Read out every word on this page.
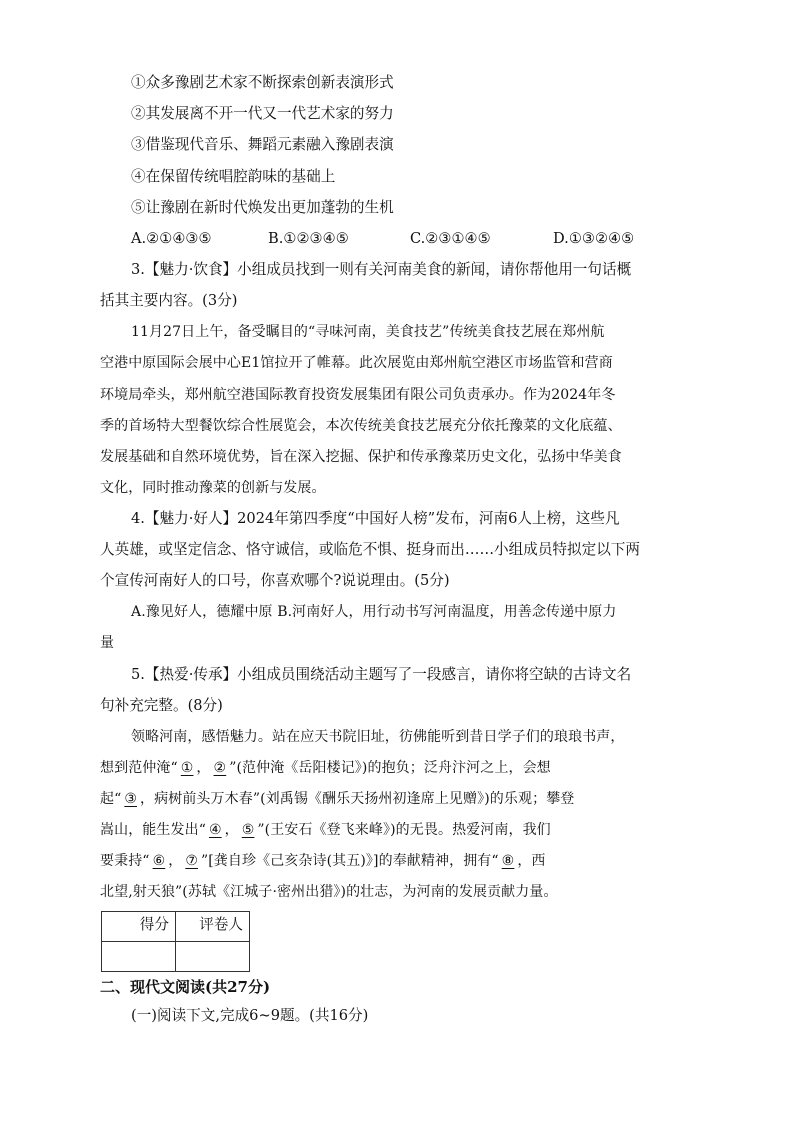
①众多豫剧艺术家不断探索创新表演形式
②其发展离不开一代又一代艺术家的努力
③借鉴现代音乐、舞蹈元素融入豫剧表演
④在保留传统唱腔韵味的基础上
⑤让豫剧在新时代焕发出更加蓬勃的生机
A.②①④③⑤	B.①②③④⑤	C.②③①④⑤	D.①③②④⑤
3.【魅力·饮食】小组成员找到一则有关河南美食的新闻，请你帮他用一句话概
括其主要内容。(3分)
11月27日上午，备受瞩目的“寻味河南，美食技艺”传统美食技艺展在郑州航
空港中原国际会展中心E1馆拉开了帷幕。此次展览由郑州航空港区市场监管和营商
环境局牵头，郑州航空港国际教育投资发展集团有限公司负责承办。作为2024年冬
季的首场特大型餐饮综合性展览会，本次传统美食技艺展充分依托豫菜的文化底蕴、
发展基础和自然环境优势，旨在深入挖掘、保护和传承豫菜历史文化，弘扬中华美食
文化，同时推动豫菜的创新与发展。
4.【魅力·好人】2024年第四季度“中国好人榜”发布，河南6人上榜，这些凡
人英雄，或坚定信念、恪守诚信，或临危不惧、挺身而出……小组成员特拟定以下两
个宣传河南好人的口号，你喜欢哪个?说说理由。(5分)
A.豫见好人，德耀中原 B.河南好人，用行动书写河南温度，用善念传递中原力
量
5.【热爱·传承】小组成员围绕活动主题写了一段感言，请你将空缺的古诗文名
句补充完整。(8分)
领略河南，感悟魅力。站在应天书院旧址，彷佛能听到昔日学子们的琅琅书声，
想到范仲淹“ ① ， ② ”(范仲淹《岳阳楼记》)的抱负；泛舟汴河之上，会想
起“ ③ ，病树前头万木春”(刘禹锡《酬乐天扬州初逢席上见赠》)的乐观；攀登
嵩山，能生发出“ ④ ， ⑤ ”(王安石《登飞来峰》)的无畏。热爱河南，我们
要秉持“ ⑥ ， ⑦ ”[龚自珍《己亥杂诗(其五)》]的奉献精神，拥有“ ⑧ ，西
北望,射天狼”(苏轼《江城子·密州出猎》)的壮志，为河南的发展贡献力量。
得分	评卷人

二、现代文阅读(共27分)
(一)阅读下文,完成6~9题。(共16分)
